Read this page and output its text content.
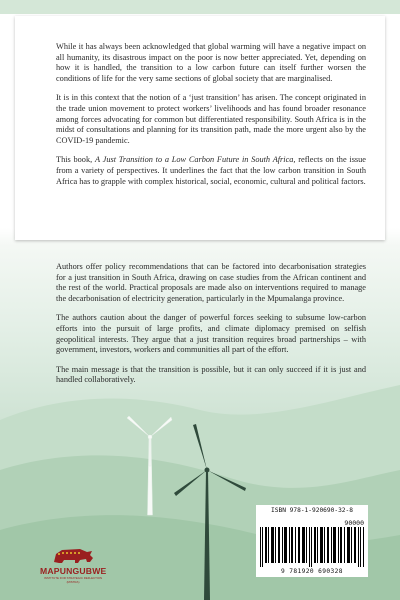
While it has always been acknowledged that global warming will have a negative impact on all humanity, its disastrous impact on the poor is now better appreciated. Yet, depending on how it is handled, the transition to a low carbon future can itself further worsen the conditions of life for the very same sections of global society that are marginalised.

It is in this context that the notion of a ‘just transition’ has arisen. The concept originated in the trade union movement to protect workers’ livelihoods and has found broader resonance among forces advocating for common but differentiated responsibility. South Africa is in the midst of consultations and planning for its transition path, made the more urgent also by the COVID-19 pandemic.

This book, A Just Transition to a Low Carbon Future in South Africa, reflects on the issue from a variety of perspectives. It underlines the fact that the low carbon transition in South Africa has to grapple with complex historical, social, economic, cultural and political factors.

Authors offer policy recommendations that can be factored into decarbonisation strategies for a just transition in South Africa, drawing on case studies from the African continent and the rest of the world. Practical proposals are made also on interventions required to manage the decarbonisation of electricity generation, particularly in the Mpumalanga province.

The authors caution about the danger of powerful forces seeking to subsume low-carbon efforts into the pursuit of large profits, and climate diplomacy premised on selfish geopolitical interests. They argue that a just transition requires broad partnerships – with government, investors, workers and communities all part of the effort.

The main message is that the transition is possible, but it can only succeed if it is just and handled collaboratively.

ISBN 978-1-920690-32-8
90000
9 781920 690328
MAPUNGUBWE
INSTITUTE FOR STRATEGIC REFLECTION (MISTRA)
